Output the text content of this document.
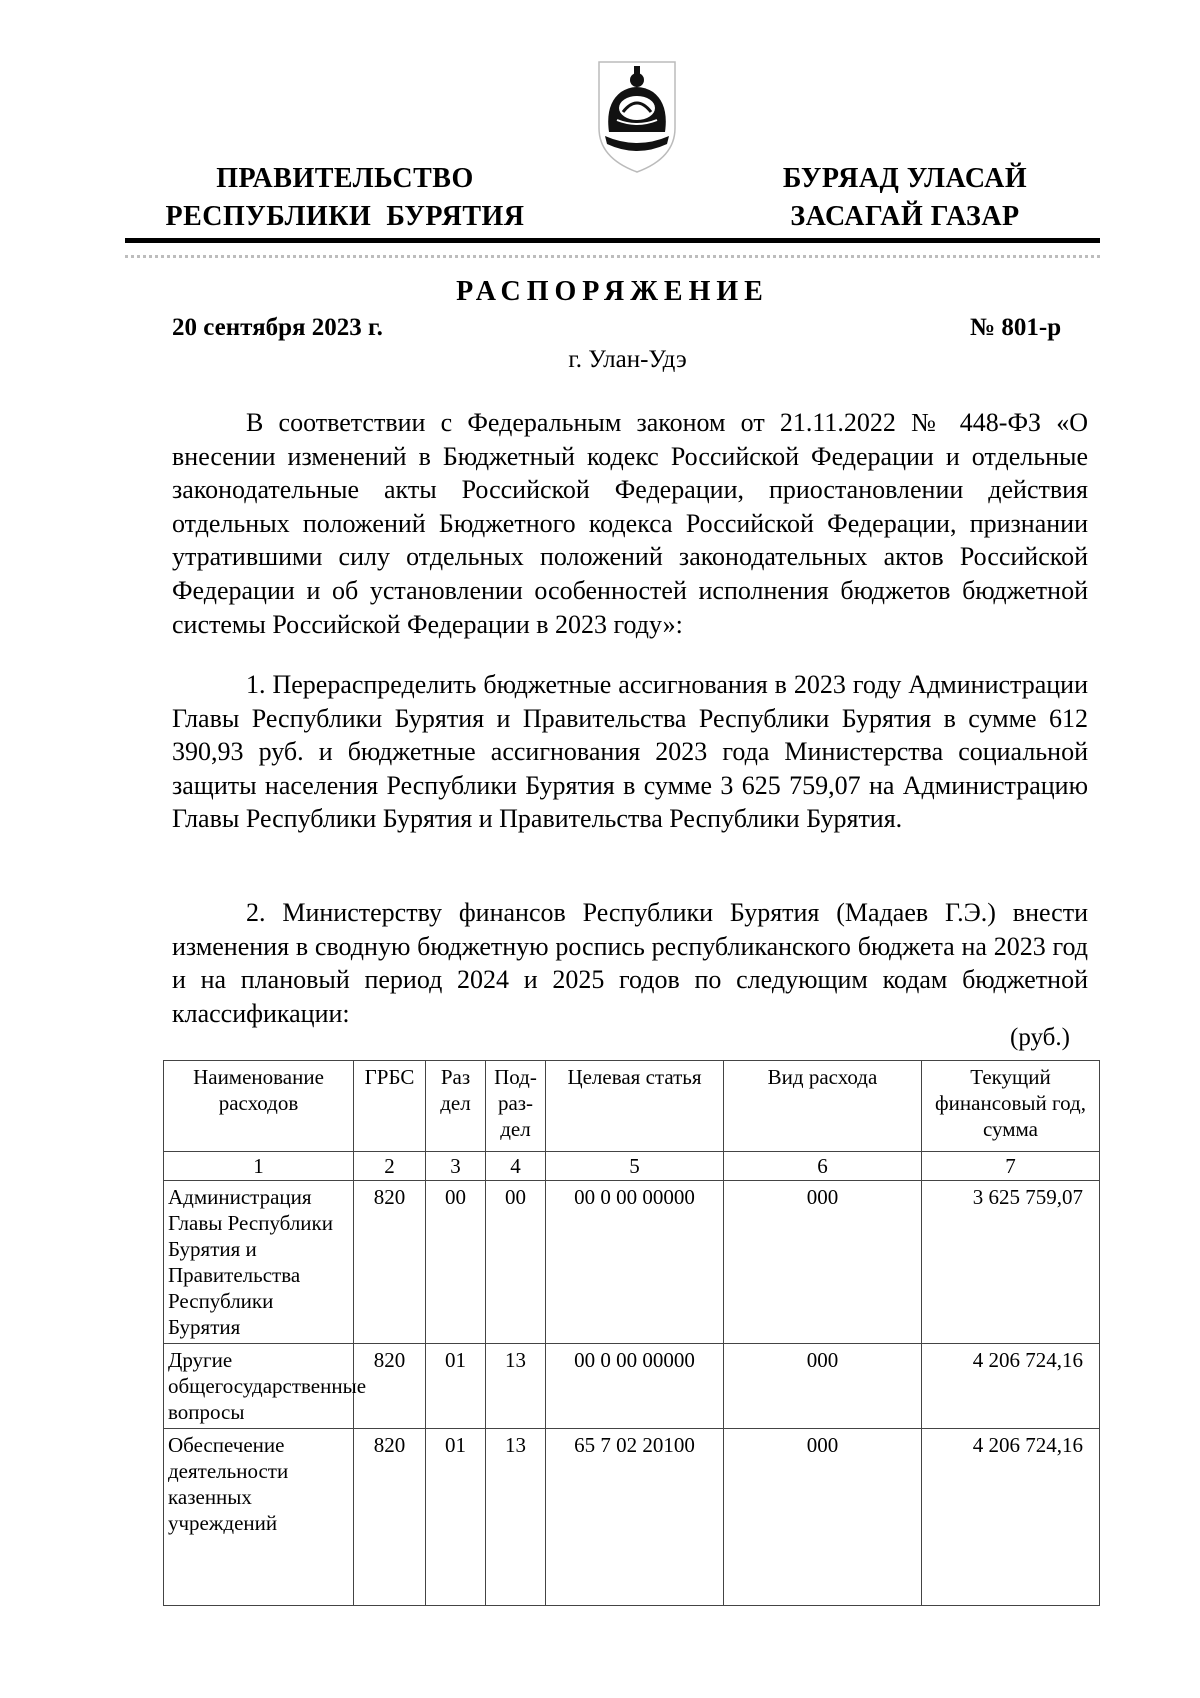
ПРАВИТЕЛЬСТВО
РЕСПУБЛИКИ  БУРЯТИЯ
БУРЯАД УЛАСАЙ
ЗАСАГАЙ ГАЗАР
РАСПОРЯЖЕНИЕ
20 сентября 2023 г.	№ 801-р
г. Улан-Удэ

В соответствии с Федеральным законом от 21.11.2022 № 448-ФЗ «О внесении изменений в Бюджетный кодекс Российской Федерации и отдельные законодательные акты Российской Федерации, приостановлении действия отдельных положений Бюджетного кодекса Российской Федерации, признании утратившими силу отдельных положений законодательных актов Российской Федерации и об установлении особенностей исполнения бюджетов бюджетной системы Российской Федерации в 2023 году»:

1. Перераспределить бюджетные ассигнования в 2023 году Администрации Главы Республики Бурятия и Правительства Республики Бурятия в сумме 612 390,93 руб. и бюджетные ассигнования 2023 года Министерства социальной защиты населения Республики Бурятия в сумме 3 625 759,07 на Администрацию Главы Республики Бурятия и Правительства Республики Бурятия.

2. Министерству финансов Республики Бурятия (Мадаев Г.Э.) внести изменения в сводную бюджетную роспись республиканского бюджета на 2023 год и на плановый период 2024 и 2025 годов по следующим кодам бюджетной классификации:

(руб.)
Наименование расходов	ГРБС	Раз дел	Под- раз- дел	Целевая статья	Вид расхода	Текущий финансовый год, сумма
1	2	3	4	5	6	7
Администрация Главы Республики Бурятия и Правительства Республики Бурятия	820	00	00	00 0 00 00000	000	3 625 759,07
Другие общегосударственные вопросы	820	01	13	00 0 00 00000	000	4 206 724,16
Обеспечение деятельности казенных учреждений	820	01	13	65 7 02 20100	000	4 206 724,16
